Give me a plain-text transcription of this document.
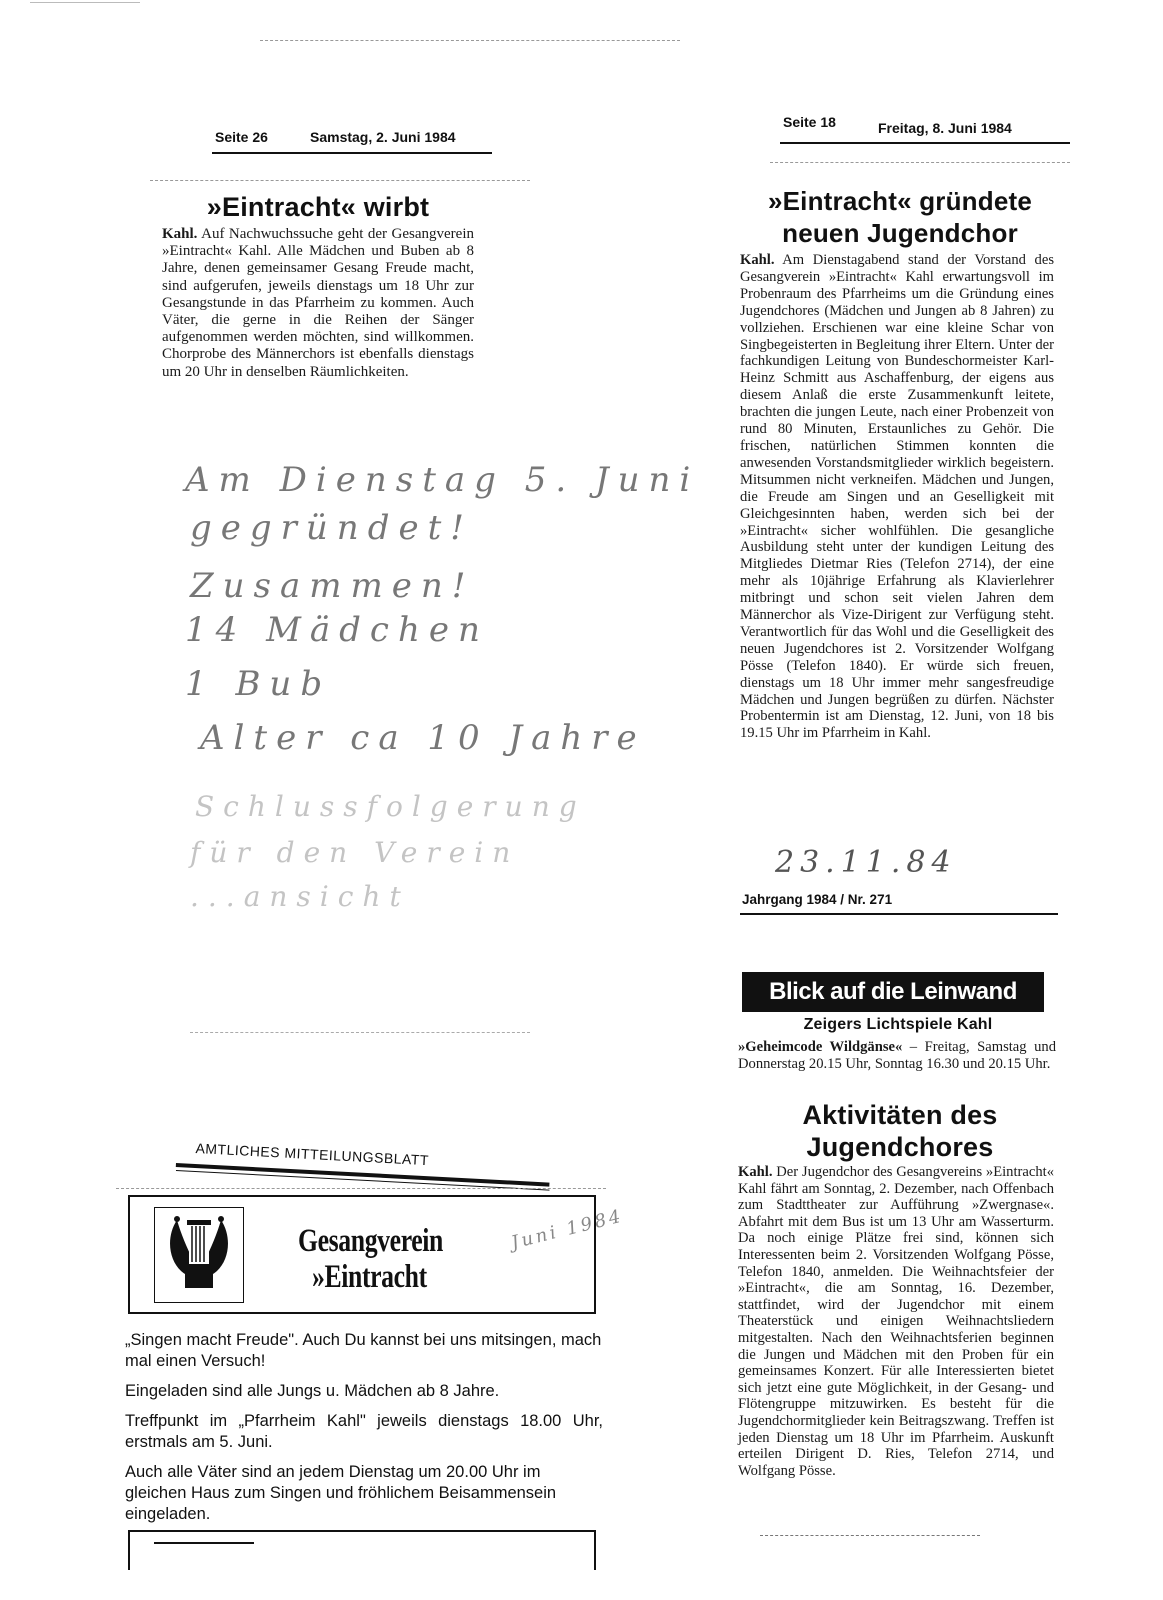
Seite 26	Samstag, 2. Juni 1984
»Eintracht« wirbt
Kahl. Auf Nachwuchssuche geht der Gesangverein »Eintracht« Kahl. Alle Mädchen und Buben ab 8 Jahre, denen gemeinsamer Gesang Freude macht, sind aufgerufen, jeweils dienstags um 18 Uhr zur Gesangstunde in das Pfarrheim zu kommen. Auch Väter, die gerne in die Reihen der Sänger aufgenommen werden möchten, sind willkommen. Chorprobe des Männerchors ist ebenfalls dienstags um 20 Uhr in denselben Räumlichkeiten.
Am Dienstag 5. Juni
gegründet!
Zusammen!
14 Mädchen
1 Bub
Alter ca 10 Jahre
Schlussfolgerung
für den Verein
...ansicht
Seite 18	Freitag, 8. Juni 1984
»Eintracht« gründete
neuen Jugendchor
Kahl. Am Dienstagabend stand der Vorstand des Gesangverein »Eintracht« Kahl erwartungsvoll im Probenraum des Pfarrheims um die Gründung eines Jugendchores (Mädchen und Jungen ab 8 Jahren) zu vollziehen. Erschienen war eine kleine Schar von Singbegeisterten in Begleitung ihrer Eltern. Unter der fachkundigen Leitung von Bundeschormeister Karl-Heinz Schmitt aus Aschaffenburg, der eigens aus diesem Anlaß die erste Zusammenkunft leitete, brachten die jungen Leute, nach einer Probenzeit von rund 80 Minuten, Erstaunliches zu Gehör. Die frischen, natürlichen Stimmen konnten die anwesenden Vorstandsmitglieder wirklich begeistern. Mitsummen nicht verkneifen. Mädchen und Jungen, die Freude am Singen und an Geselligkeit mit Gleichgesinnten haben, werden sich bei der »Eintracht« sicher wohlfühlen. Die gesangliche Ausbildung steht unter der kundigen Leitung des Mitgliedes Dietmar Ries (Telefon 2714), der eine mehr als 10jährige Erfahrung als Klavierlehrer mitbringt und schon seit vielen Jahren dem Männerchor als Vize-Dirigent zur Verfügung steht. Verantwortlich für das Wohl und die Geselligkeit des neuen Jugendchores ist 2. Vorsitzender Wolfgang Pösse (Telefon 1840). Er würde sich freuen, dienstags um 18 Uhr immer mehr sangesfreudige Mädchen und Jungen begrüßen zu dürfen. Nächster Probentermin ist am Dienstag, 12. Juni, von 18 bis 19.15 Uhr im Pfarrheim in Kahl.
23.11.84
Jahrgang 1984 / Nr. 271
Blick auf die Leinwand
Zeigers Lichtspiele Kahl
»Geheimcode Wildgänse« – Freitag, Samstag und Donnerstag 20.15 Uhr, Sonntag 16.30 und 20.15 Uhr.
Aktivitäten des
Jugendchores
Kahl. Der Jugendchor des Gesangvereins »Eintracht« Kahl fährt am Sonntag, 2. Dezember, nach Offenbach zum Stadttheater zur Aufführung »Zwergnase«. Abfahrt mit dem Bus ist um 13 Uhr am Wasserturm. Da noch einige Plätze frei sind, können sich Interessenten beim 2. Vorsitzenden Wolfgang Pösse, Telefon 1840, anmelden. Die Weihnachtsfeier der »Eintracht«, die am Sonntag, 16. Dezember, stattfindet, wird der Jugendchor mit einem Theaterstück und einigen Weihnachtsliedern mitgestalten. Nach den Weihnachtsferien beginnen die Jungen und Mädchen mit den Proben für ein gemeinsames Konzert. Für alle Interessierten bietet sich jetzt eine gute Möglichkeit, in der Gesang- und Flötengruppe mitzuwirken. Es besteht für die Jugendchormitglieder kein Beitragszwang. Treffen ist jeden Dienstag um 18 Uhr im Pfarrheim. Auskunft erteilen Dirigent D. Ries, Telefon 2714, und Wolfgang Pösse.
AMTLICHES MITTEILUNGSBLATT
Gesangverein
»Eintracht
Juni 1984
„Singen macht Freude". Auch Du kannst bei uns mitsingen, mach mal einen Versuch!
Eingeladen sind alle Jungs u. Mädchen ab 8 Jahre.
Treffpunkt im „Pfarrheim Kahl" jeweils dienstags 18.00 Uhr, erstmals am 5. Juni.
Auch alle Väter sind an jedem Dienstag um 20.00 Uhr im gleichen Haus zum Singen und fröhlichem Beisammensein eingeladen.
